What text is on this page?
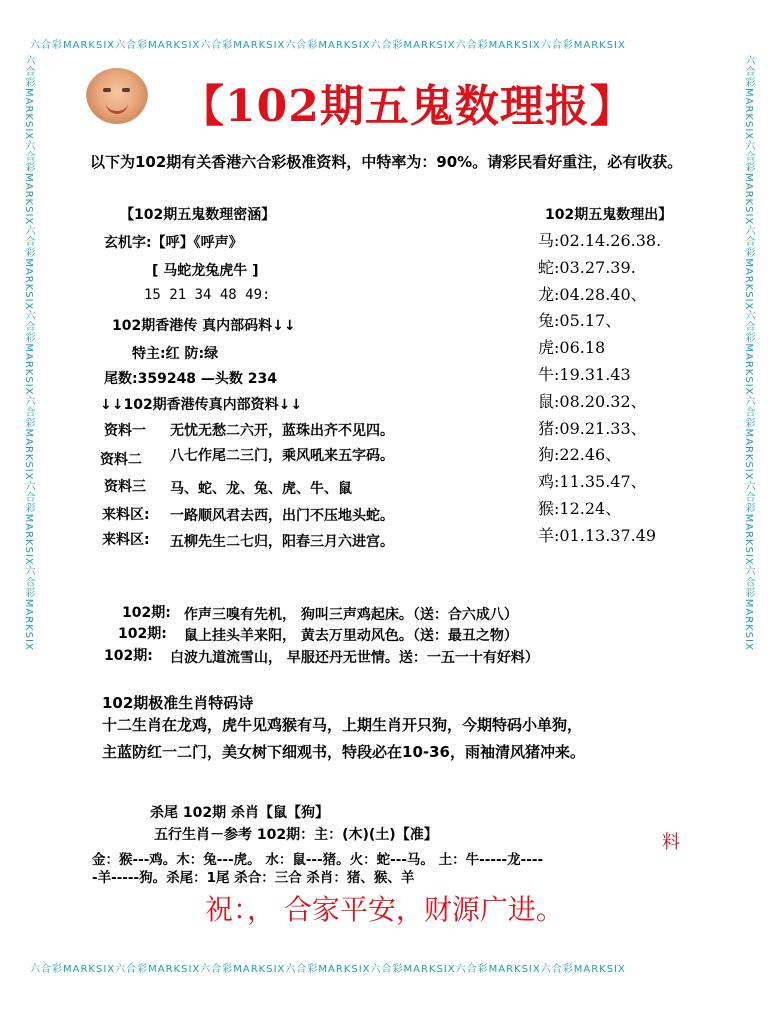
六合彩MARKSIX六合彩MARKSIX六合彩MARKSIX六合彩MARKSIX六合彩MARKSIX六合彩MARKSIX六合彩MARKSIX
六合彩MARKSIX六合彩MARKSIX六合彩MARKSIX六合彩MARKSIX六合彩MARKSIX六合彩MARKSIX六合彩MARKSIX
六合彩MARKSIX六合彩MARKSIX六合彩MARKSIX六合彩MARKSIX六合彩MARKSIX六合彩MARKSIX六合彩MARKSIX	六合彩MARKSIX六合彩MARKSIX六合彩MARKSIX六合彩MARKSIX六合彩MARKSIX六合彩MARKSIX六合彩MARKSIX
【102期五鬼数理报】
以下为102期有关香港六合彩极准资料，中特率为：90%。请彩民看好重注，必有收获。
【102期五鬼数理密涵】
玄机字:【呼】《呼声》
[ 马蛇龙兔虎牛 ]
15 21 34 48 49:
102期香港传 真内部码料↓↓
特主:红 防:绿
尾数:359248 —头数 234
↓↓102期香港传真内部资料↓↓
资料一 无忧无愁二六开，蓝珠出齐不见四。
资料二 八七作尾二三门，乘风吼来五字码。
资料三 马、蛇、龙、兔、虎、牛、鼠
来料区: 一路顺风君去西，出门不压地头蛇。
来料区: 五柳先生二七归，阳春三月六进宫。
102期五鬼数理出】
马:02.14.26.38.
蛇:03.27.39.
龙:04.28.40、
兔:05.17、
虎:06.18
牛:19.31.43
鼠:08.20.32、
猪:09.21.33、
狗:22.46、
鸡:11.35.47、
猴:12.24、
羊:01.13.37.49
102期: 作声三嗅有先机， 狗叫三声鸡起床。（送：合六成八）
102期: 鼠上挂头羊来阳， 黄去万里动风色。（送：最丑之物）
102期: 白波九道流雪山， 早服还丹无世情。送：一五一十有好料）
102期极准生肖特码诗
十二生肖在龙鸡，虎牛见鸡猴有马，上期生肖开只狗，今期特码小单狗，
主蓝防红一二门，美女树下细观书，特段必在10-36，雨袖清风猪冲来。
杀尾 102期 杀肖【鼠【狗】
五行生肖－参考 102期：主：(木)(土)【准】
金：猴---鸡。木：兔---虎。 水：鼠---猪。火：蛇---马。 土：牛-----龙----
-羊-----狗。杀尾：1尾 杀合：三合 杀肖：猪、猴、羊
祝：， 合家平安，财源广进。
料
